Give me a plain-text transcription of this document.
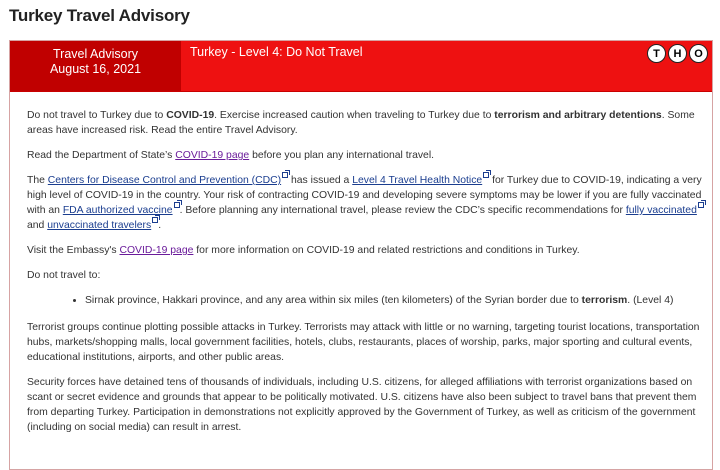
Turkey Travel Advisory
Travel Advisory
August 16, 2021
Turkey - Level 4: Do Not Travel	T	H	O

Do not travel to Turkey due to COVID-19. Exercise increased caution when traveling to Turkey due to terrorism and arbitrary detentions. Some areas have increased risk. Read the entire Travel Advisory.

Read the Department of State’s COVID-19 page before you plan any international travel.

The Centers for Disease Control and Prevention (CDC) has issued a Level 4 Travel Health Notice for Turkey due to COVID-19, indicating a very high level of COVID-19 in the country. Your risk of contracting COVID-19 and developing severe symptoms may be lower if you are fully vaccinated with an FDA authorized vaccine . Before planning any international travel, please review the CDC’s specific recommendations for fully vaccinated and unvaccinated travelers .

Visit the Embassy's COVID-19 page for more information on COVID-19 and related restrictions and conditions in Turkey.

Do not travel to:

• Sirnak province, Hakkari province, and any area within six miles (ten kilometers) of the Syrian border due to terrorism. (Level 4)

Terrorist groups continue plotting possible attacks in Turkey. Terrorists may attack with little or no warning, targeting tourist locations, transportation hubs, markets/shopping malls, local government facilities, hotels, clubs, restaurants, places of worship, parks, major sporting and cultural events, educational institutions, airports, and other public areas.

Security forces have detained tens of thousands of individuals, including U.S. citizens, for alleged affiliations with terrorist organizations based on scant or secret evidence and grounds that appear to be politically motivated. U.S. citizens have also been subject to travel bans that prevent them from departing Turkey. Participation in demonstrations not explicitly approved by the Government of Turkey, as well as criticism of the government (including on social media) can result in arrest.
